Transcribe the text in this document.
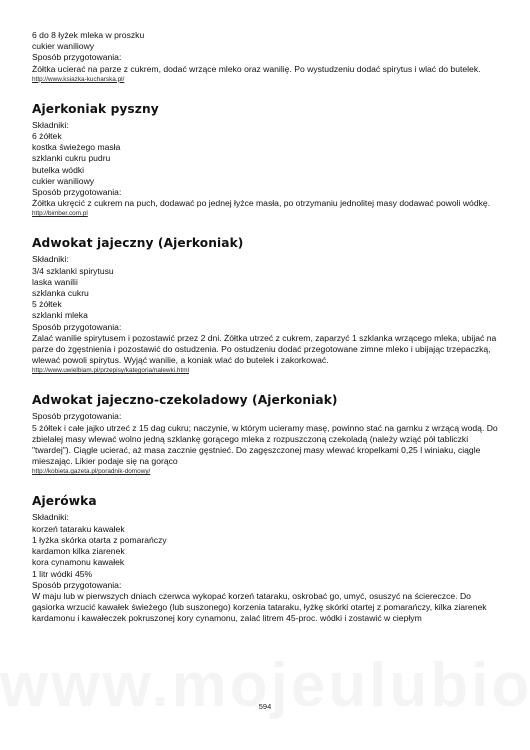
6 do 8 łyżek mleka w proszku
cukier waniliowy
Sposób przygotowania:
Żółtka ucierać na parze z cukrem, dodać wrzące mleko oraz wanilię. Po wystudzeniu dodać spirytus i wlać do butelek.
http://www.ksiazka-kucharska.pl/
Ajerkoniak pyszny
Składniki:
6 żółtek
kostka świeżego masła
szklanki cukru pudru
butelka wódki
cukier waniliowy
Sposób przygotowania:
Żółtka ukręcić z cukrem na puch, dodawać po jednej łyżce masła, po otrzymaniu jednolitej masy dodawać powoli wódkę.
http://bimber.com.pl
Adwokat jajeczny (Ajerkoniak)
Składniki:
3/4 szklanki spirytusu
laska wanilii
szklanka cukru
5 żółtek
szklanki mleka
Sposób przygotowania:
Zalać wanilie spirytusem i pozostawić przez 2 dni. Żółtka utrzeć z cukrem, zaparzyć 1 szklanka wrzącego mleka, ubijać na parze do zgęstnienia i pozostawić do ostudzenia. Po ostudzeniu dodać przegotowane zimne mleko i ubijając trzepaczką, wlewać powoli spirytus. Wyjąć wanilie, a koniak wlać do butelek i zakorkować.
http://www.uwielbiam.pl/przepisy/kategoria/nalewki.html
Adwokat jajeczno-czekoladowy (Ajerkoniak)
Sposób przygotowania:
5 żółtek i całe jajko utrzeć z 15 dag cukru; naczynie, w którym ucieramy masę, powinno stać na garnku z wrzącą wodą. Do zbielałej masy wlewać wolno jedną szklankę gorącego mleka z rozpuszczoną czekoladą (należy wziąć pół tabliczki "twardej"). Ciągle ucierać, aż masa zacznie gęstnieć. Do zagęszczonej masy wlewać kropelkami 0,25 l winiaku, ciągle mieszając. Likier podaje się na gorąco
http://kobieta.gazeta.pl/poradnik-domowy/
Ajerówka
Składniki:
korzeń tataraku kawałek
1 łyżka skórka otarta z pomarańczy
kardamon kilka ziarenek
kora cynamonu kawałek
1 litr wódki 45%
Sposób przygotowania:
W maju lub w pierwszych dniach czerwca wykopać korzeń tataraku, oskrobać go, umyć, osuszyć na ściereczce. Do gąsiorka wrzucić kawałek świeżego (lub suszonego) korzenia tataraku, łyżkę skórki otartej z pomarańczy, kilka ziarenek kardamonu i kawałeczek pokruszonej kory cynamonu, zalać litrem 45-proc. wódki i zostawić w ciepłym
594
